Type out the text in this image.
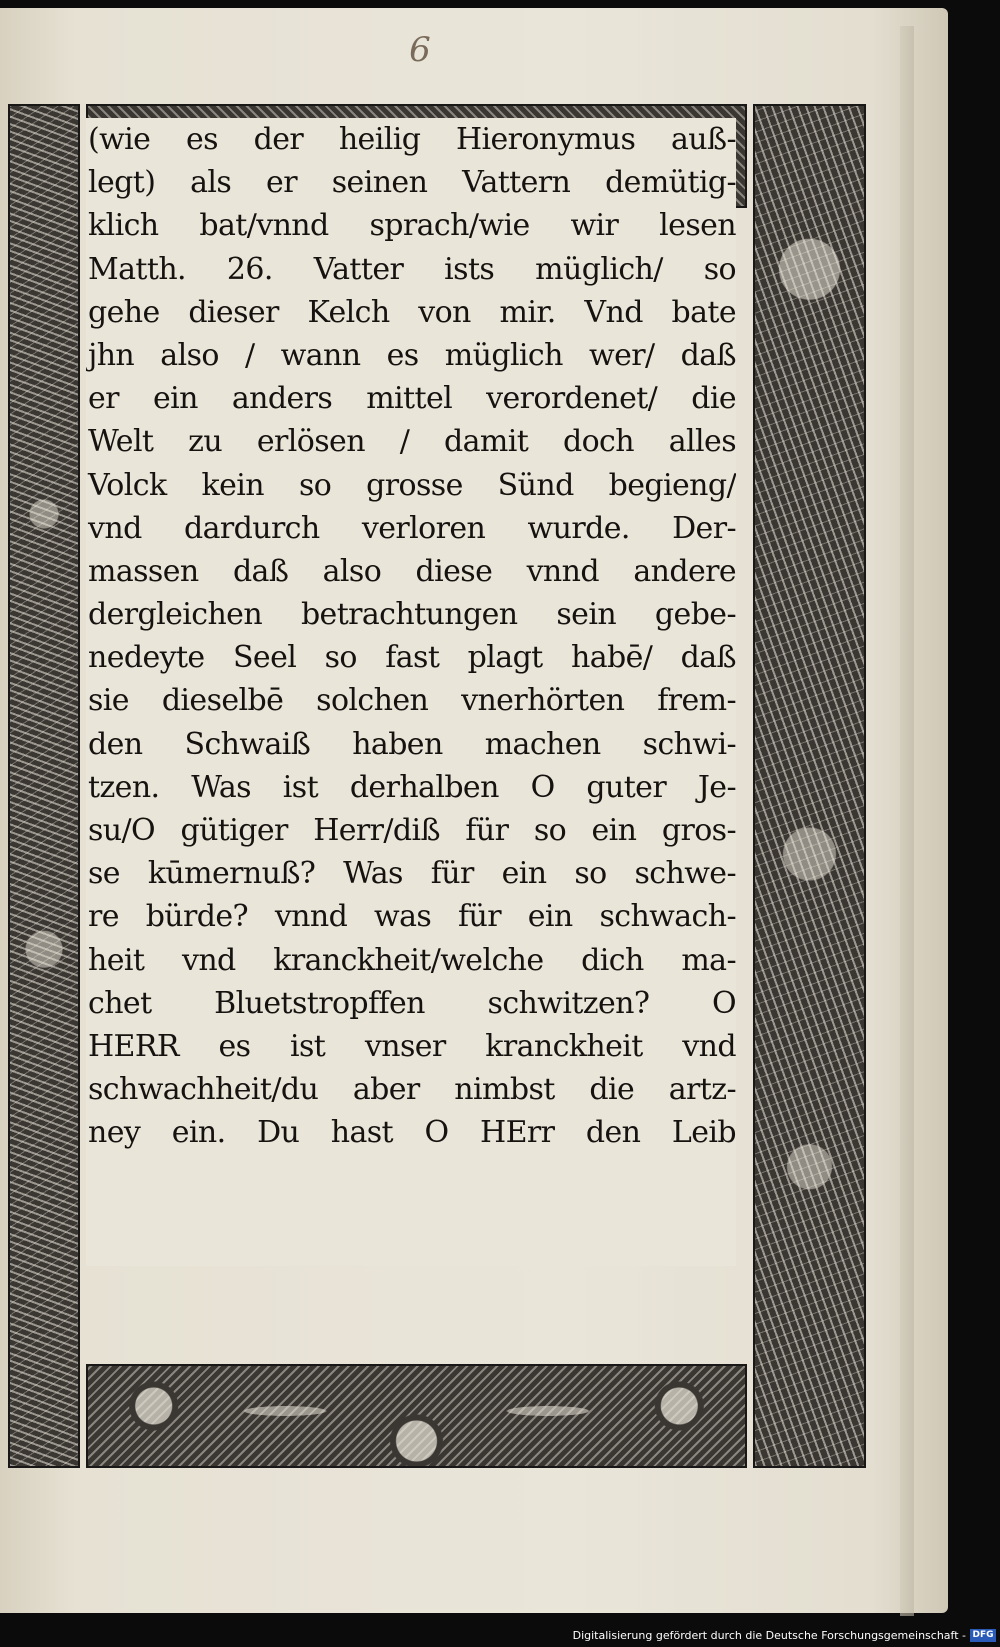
6
(wie es der heilig Hieronymus auß-
legt) als er seinen Vattern demütig-
klich bat/vnnd sprach/wie wir lesen
Matth. 26. Vatter ists müglich/ so
gehe dieser Kelch von mir. Vnd bate
jhn also / wann es müglich wer/ daß
er ein anders mittel verordenet/ die
Welt zu erlösen / damit doch alles
Volck kein so grosse Sünd begieng/
vnd dardurch verloren wurde. Der-
massen daß also diese vnnd andere
dergleichen betrachtungen sein gebe-
nedeyte Seel so fast plagt habē/ daß
sie dieselbē solchen vnerhörten frem-
den Schwaiß haben machen schwi-
tzen. Was ist derhalben O guter Je-
su/O gütiger Herr/diß für so ein gros-
se kūmernuß? Was für ein so schwe-
re bürde? vnnd was für ein schwach-
heit vnd kranckheit/welche dich ma-
chet Bluetstropffen schwitzen? O
HERR es ist vnser kranckheit vnd
schwachheit/du aber nimbst die artz-
ney ein. Du hast O HErr den Leib
Digitalisierung gefördert durch die Deutsche Forschungsgemeinschaft - DFG
